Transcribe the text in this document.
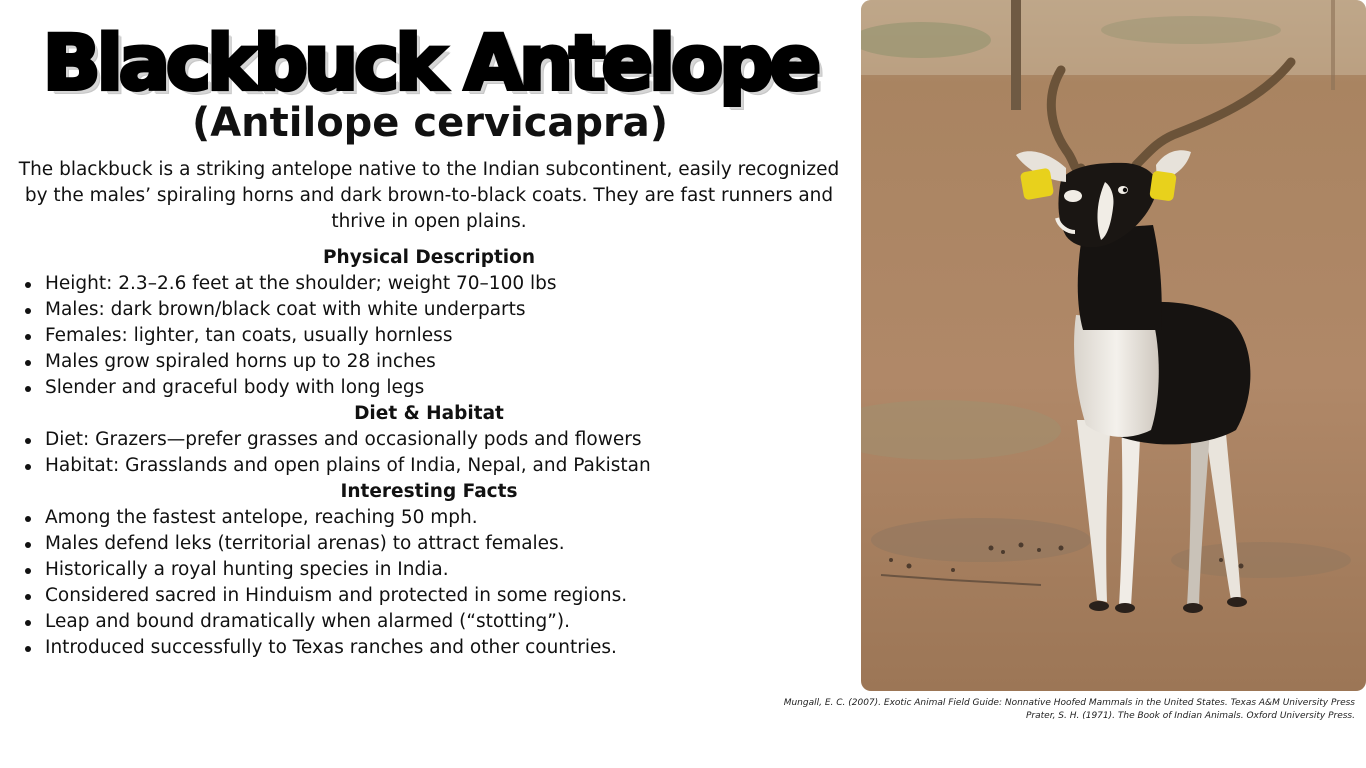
Blackbuck Antelope
(Antilope cervicapra)
The blackbuck is a striking antelope native to the Indian subcontinent, easily recognized by the males’ spiraling horns and dark brown-to-black coats. They are fast runners and thrive in open plains.
Physical Description
Height: 2.3–2.6 feet at the shoulder; weight 70–100 lbs
Males: dark brown/black coat with white underparts
Females: lighter, tan coats, usually hornless
Males grow spiraled horns up to 28 inches
Slender and graceful body with long legs
Diet & Habitat
Diet: Grazers—prefer grasses and occasionally pods and flowers
Habitat: Grasslands and open plains of India, Nepal, and Pakistan
Interesting Facts
Among the fastest antelope, reaching 50 mph.
Males defend leks (territorial arenas) to attract females.
Historically a royal hunting species in India.
Considered sacred in Hinduism and protected in some regions.
Leap and bound dramatically when alarmed (“stotting”).
Introduced successfully to Texas ranches and other countries.
Mungall, E. C. (2007). Exotic Animal Field Guide: Nonnative Hoofed Mammals in the United States. Texas A&M University Press
Prater, S. H. (1971). The Book of Indian Animals. Oxford University Press.
